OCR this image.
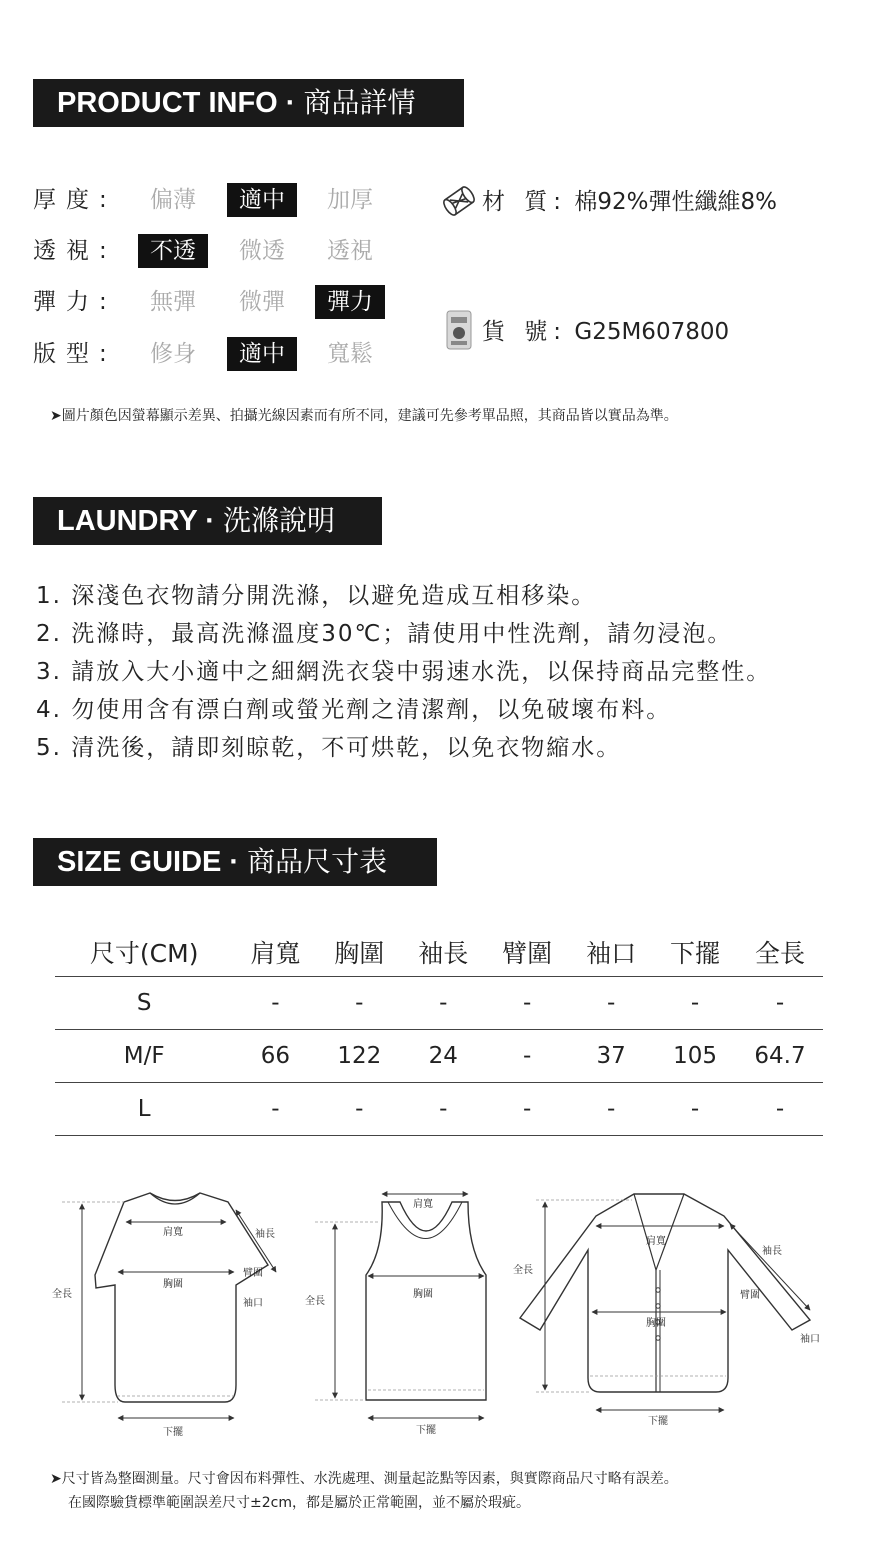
PRODUCT INFO · 商品詳情
厚度:	偏薄	適中	加厚
透視:	不透	微透	透視
彈力:	無彈	微彈	彈力
版型:	修身	適中	寬鬆
材 質: 棉92%彈性纖維8%
貨 號: G25M607800
➤圖片顏色因螢幕顯示差異、拍攝光線因素而有所不同，建議可先參考單品照，其商品皆以實品為準。
LAUNDRY · 洗滌說明
1. 深淺色衣物請分開洗滌，以避免造成互相移染。
2. 洗滌時，最高洗滌溫度30℃；請使用中性洗劑，請勿浸泡。
3. 請放入大小適中之細網洗衣袋中弱速水洗，以保持商品完整性。
4. 勿使用含有漂白劑或螢光劑之清潔劑，以免破壞布料。
5. 清洗後，請即刻晾乾，不可烘乾，以免衣物縮水。
SIZE GUIDE · 商品尺寸表
尺寸(CM)	肩寬	胸圍	袖長	臂圍	袖口	下擺	全長
S	-	-	-	-	-	-	-
M/F	66	122	24	-	37	105	64.7
L	-	-	-	-	-	-	-
全長
肩寬
胸圍
袖長
臂圍
袖口
下擺
全長
肩寬
胸圍
下擺
全長
肩寬
胸圍
袖長
臂圍
袖口
下擺
➤尺寸皆為整圈測量。尺寸會因布料彈性、水洗處理、測量起訖點等因素，與實際商品尺寸略有誤差。
在國際驗貨標準範圍誤差尺寸±2cm，都是屬於正常範圍，並不屬於瑕疵。
